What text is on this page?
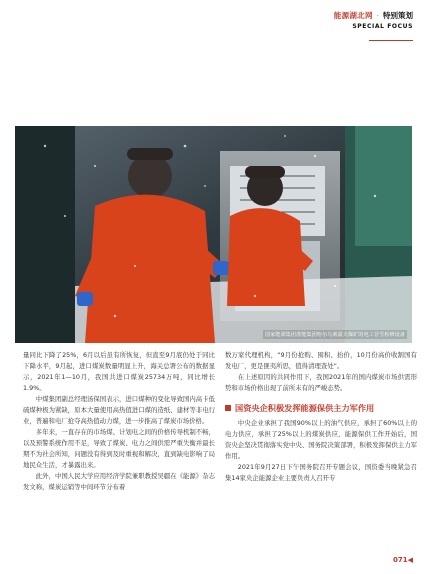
能源湖北网 · 特别策划
SPECIAL FOCUS
国家能源集团准能集团哈尔乌素露天煤矿的电工冒雪检修设备

量同比下降了25%，6月以后虽有所恢复，但直至9月底仍处于同比下降水平，9月起，进口煤炭数量明显上升，海关总署公布的数据显示，2021年1—10月，我国共进口煤炭25734万吨，同比增长1.9%。

中煤集团副总经理汤保国表示，进口煤种的变化导致国内高卡低硫煤种极为紧缺，原本大量使用高热值进口煤的造纸、建材等非电行业，普遍和电厂抢夺高热值动力煤，进一步推高了煤炭市场价格。

多年来，一直存在的市场煤、计划电之间的价格传导机制不畅，以及预警系统作用不足，导致了煤炭、电力之间供需严重失衡并最长期不为社会所知，问题没有得到及时重视和解决，直到缺电影响了局地民众生活，才暴露出来。

此外，中国人民大学应用经济学院兼职教授吴疆在《能源》杂志发文称，煤炭运销等中间环节分布着

数万家代理机构，“9月份抢购、囤积、抬价，10月份高价收割国有发电厂，更是匪夷所思，值得清理查处”。

在上述原因的共同作用下，我国2021年的国内煤炭市场供需形势和市场价格出现了前所未有的严峻态势。

国资央企积极发挥能源保供主力军作用

中央企业承担了我国90%以上的油气供应，承担了60%以上的电力供应，承担了25%以上的煤炭供应，能源保供工作开始后，国资央企坚决贯彻落实党中央、国务院决策部署，积极发挥保供主力军作用。

2021年9月27日下午国务院召开专题会议，国资委当晚紧急召集14家央企能源企业主要负责人召开专

071◀
